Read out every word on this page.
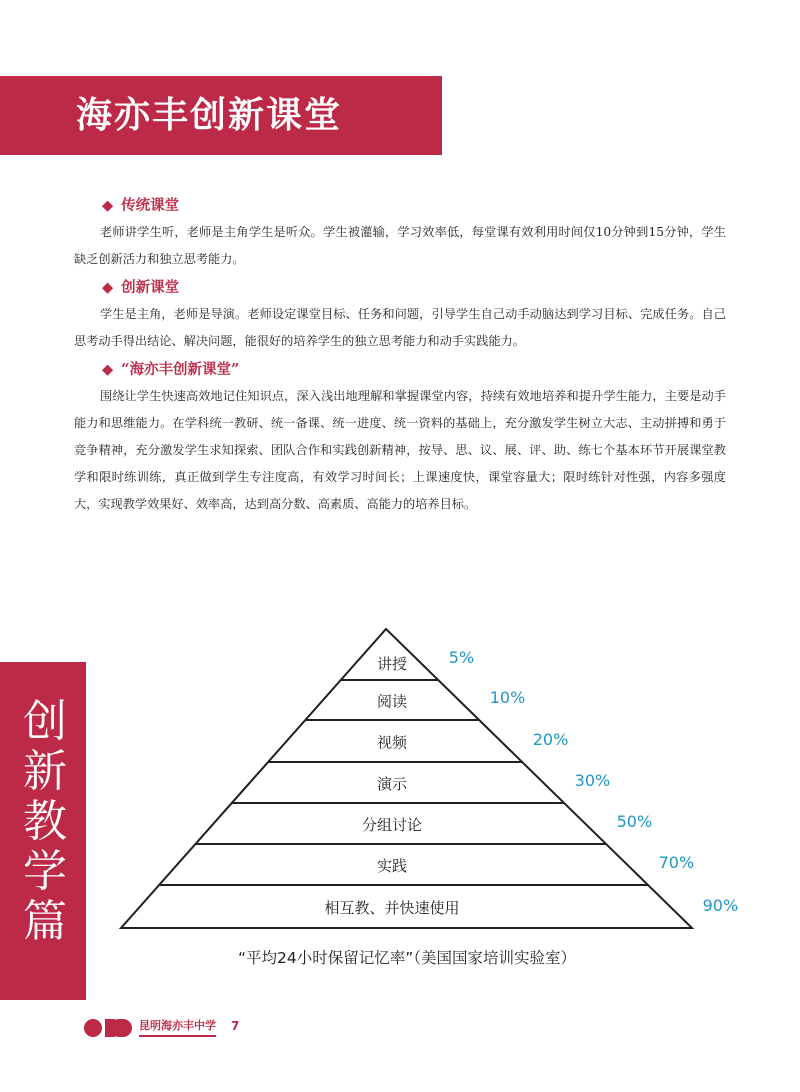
海亦丰创新课堂

◆ 传统课堂

老师讲学生听，老师是主角学生是听众。学生被灌输，学习效率低，每堂课有效利用时间仅10分钟到15分钟，学生缺乏创新活力和独立思考能力。

◆ 创新课堂

学生是主角，老师是导演。老师设定课堂目标、任务和问题，引导学生自己动手动脑达到学习目标、完成任务。自己思考动手得出结论、解决问题，能很好的培养学生的独立思考能力和动手实践能力。

◆ “海亦丰创新课堂”

围绕让学生快速高效地记住知识点，深入浅出地理解和掌握课堂内容，持续有效地培养和提升学生能力，主要是动手能力和思维能力。在学科统一教研、统一备课、统一进度、统一资料的基础上，充分激发学生树立大志、主动拼搏和勇于竞争精神，充分激发学生求知探索、团队合作和实践创新精神，按导、思、议、展、评、助、练七个基本环节开展课堂教学和限时练训练，真正做到学生专注度高，有效学习时间长；上课速度快，课堂容量大；限时练针对性强，内容多强度大，实现教学效果好、效率高，达到高分数、高素质、高能力的培养目标。

创新教学篇

讲授	5%
阅读	10%
视频	20%
演示	30%
分组讨论	50%
实践	70%
相互教、并快速使用	90%
“平均24小时保留记忆率”（美国国家培训实验室）
昆明海亦丰中学 7
